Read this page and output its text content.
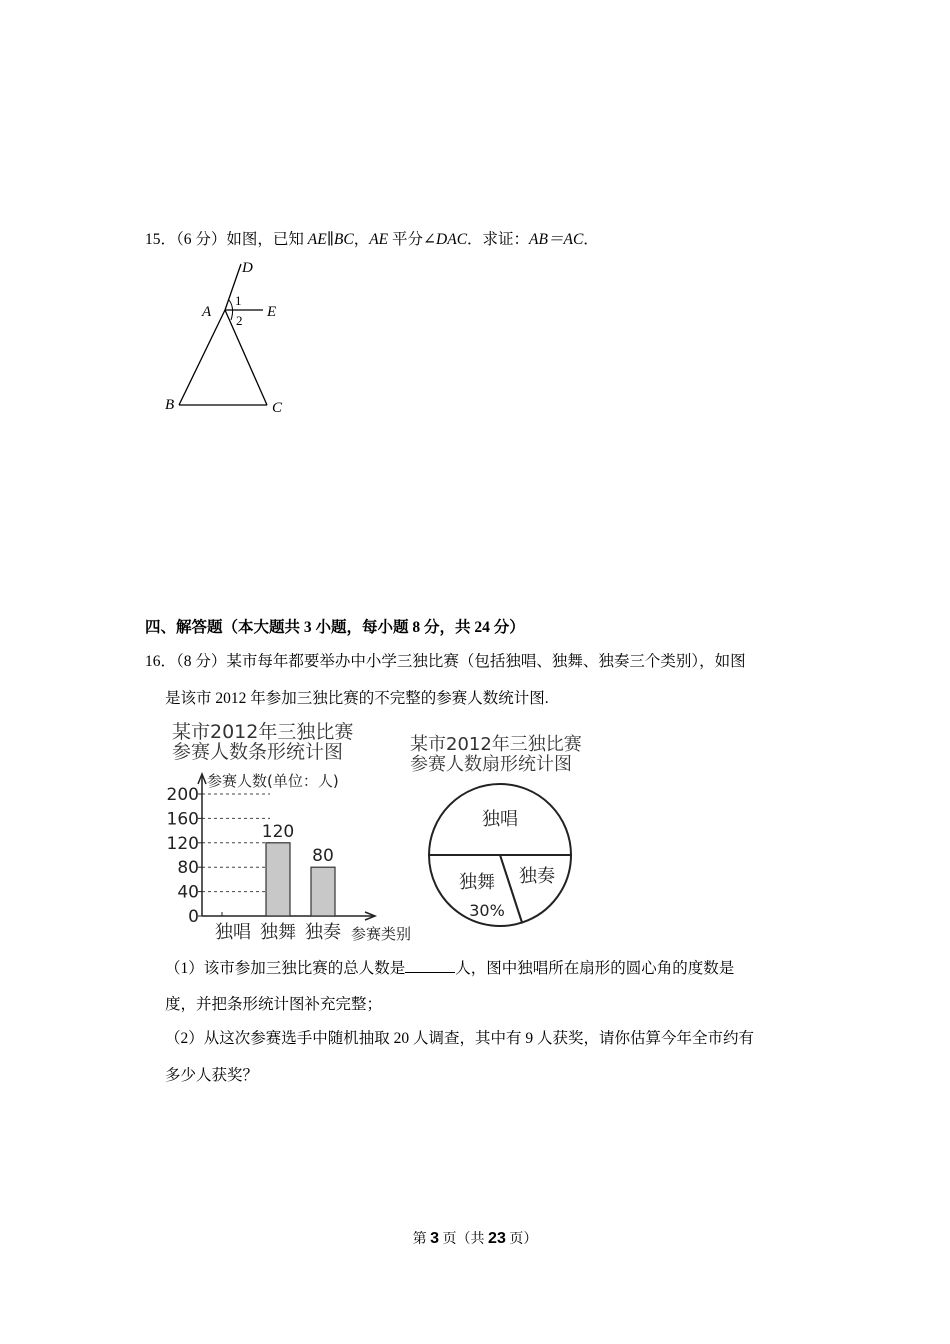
15．（6 分）如图，已知 AE∥BC，AE 平分∠DAC．求证：AB＝AC．
D
A	E
B	C
1
2
四、解答题（本大题共 3 小题，每小题 8 分，共 24 分）
16．（8 分）某市每年都要举办中小学三独比赛（包括独唱、独舞、独奏三个类别），如图
是该市 2012 年参加三独比赛的不完整的参赛人数统计图.
某市2012年三独比赛
参赛人数条形统计图
参赛人数(单位：人)
0
40
80
120
160
200
120
80
独唱 独舞 独奏 参赛类别
某市2012年三独比赛
参赛人数扇形统计图
独唱
独奏
独舞
30%
（1）该市参加三独比赛的总人数是	人，图中独唱所在扇形的圆心角的度数是
度，并把条形统计图补充完整；
（2）从这次参赛选手中随机抽取 20 人调查，其中有 9 人获奖，请你估算今年全市约有
多少人获奖？
第 3 页（共 23 页）
